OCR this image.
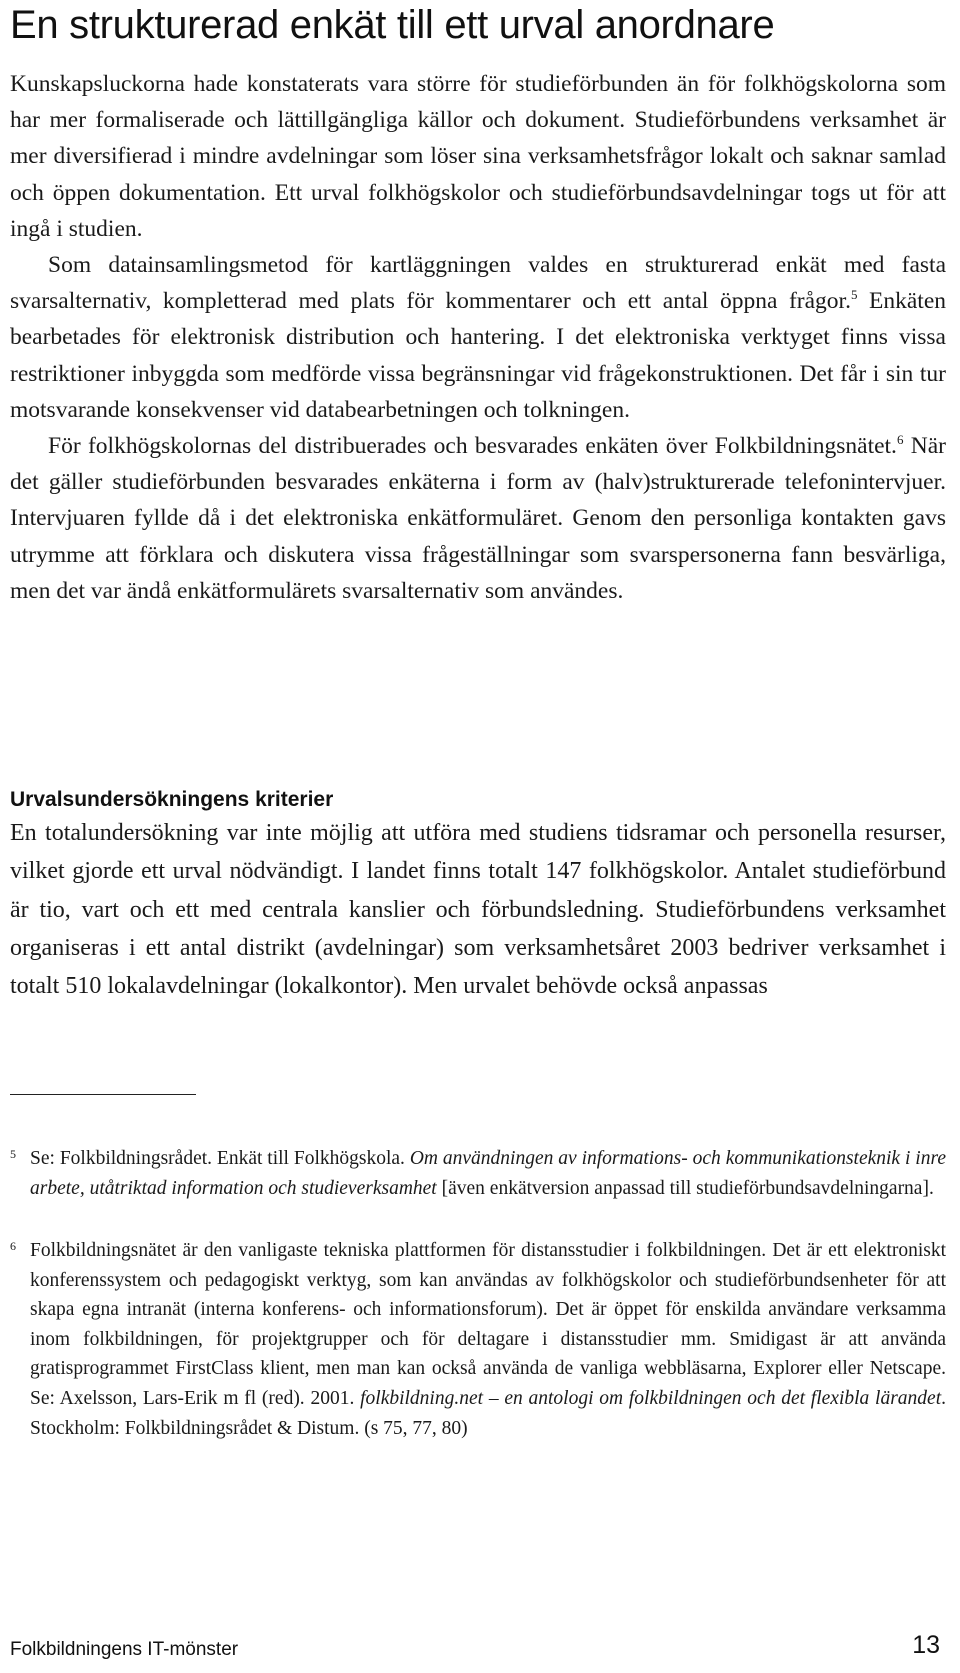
En strukturerad enkät till ett urval anordnare

Kunskapsluckorna hade konstaterats vara större för studieförbunden än för folkhögskolorna som har mer formaliserade och lättillgängliga källor och dokument. Studieförbundens verksamhet är mer diversifierad i mindre avdelningar som löser sina verksamhetsfrågor lokalt och saknar samlad och öppen dokumentation. Ett urval folkhögskolor och studieförbundsavdelningar togs ut för att ingå i studien.

Som datainsamlingsmetod för kartläggningen valdes en strukturerad enkät med fasta svarsalternativ, kompletterad med plats för kommentarer och ett antal öppna frågor.$^5$ Enkäten bearbetades för elektronisk distribution och hantering. I det elektroniska verktyget finns vissa restriktioner inbyggda som medförde vissa begränsningar vid frågekonstruktionen. Det får i sin tur motsvarande konsekvenser vid databearbetningen och tolkningen.

För folkhögskolornas del distribuerades och besvarades enkäten över Folkbildningsnätet.$^6$ När det gäller studieförbunden besvarades enkäterna i form av (halv)strukturerade telefonintervjuer. Intervjuaren fyllde då i det elektroniska enkätformuläret. Genom den personliga kontakten gavs utrymme att förklara och diskutera vissa frågeställningar som svarspersonerna fann besvärliga, men det var ändå enkätformulärets svarsalternativ som användes.

Urvalsundersökningens kriterier

En totalundersökning var inte möjlig att utföra med studiens tidsramar och personella resurser, vilket gjorde ett urval nödvändigt. I landet finns totalt 147 folkhögskolor. Antalet studieförbund är tio, vart och ett med centrala kanslier och förbundsledning. Studieförbundens verksamhet organiseras i ett antal distrikt (avdelningar) som verksamhetsåret 2003 bedriver verksamhet i totalt 510 lokalavdelningar (lokalkontor). Men urvalet behövde också anpassas

5 Se: Folkbildningsrådet. Enkät till Folkhögskola. Om användningen av informations- och kommunikationsteknik i inre arbete, utåtriktad information och studieverksamhet [även enkätversion anpassad till studieförbundsavdelningarna].
6 Folkbildningsnätet är den vanligaste tekniska plattformen för distansstudier i folkbildningen. Det är ett elektroniskt konferenssystem och pedagogiskt verktyg, som kan användas av folkhögskolor och studieförbundsenheter för att skapa egna intranät (interna konferens- och informationsforum). Det är öppet för enskilda användare verksamma inom folkbildningen, för projektgrupper och för deltagare i distansstudier mm. Smidigast är att använda gratisprogrammet FirstClass klient, men man kan också använda de vanliga webbläsarna, Explorer eller Netscape. Se: Axelsson, Lars-Erik m fl (red). 2001. folkbildning.net – en antologi om folkbildningen och det flexibla lärandet. Stockholm: Folkbildningsrådet & Distum. (s 75, 77, 80)
Folkbildningens IT-mönster	13
